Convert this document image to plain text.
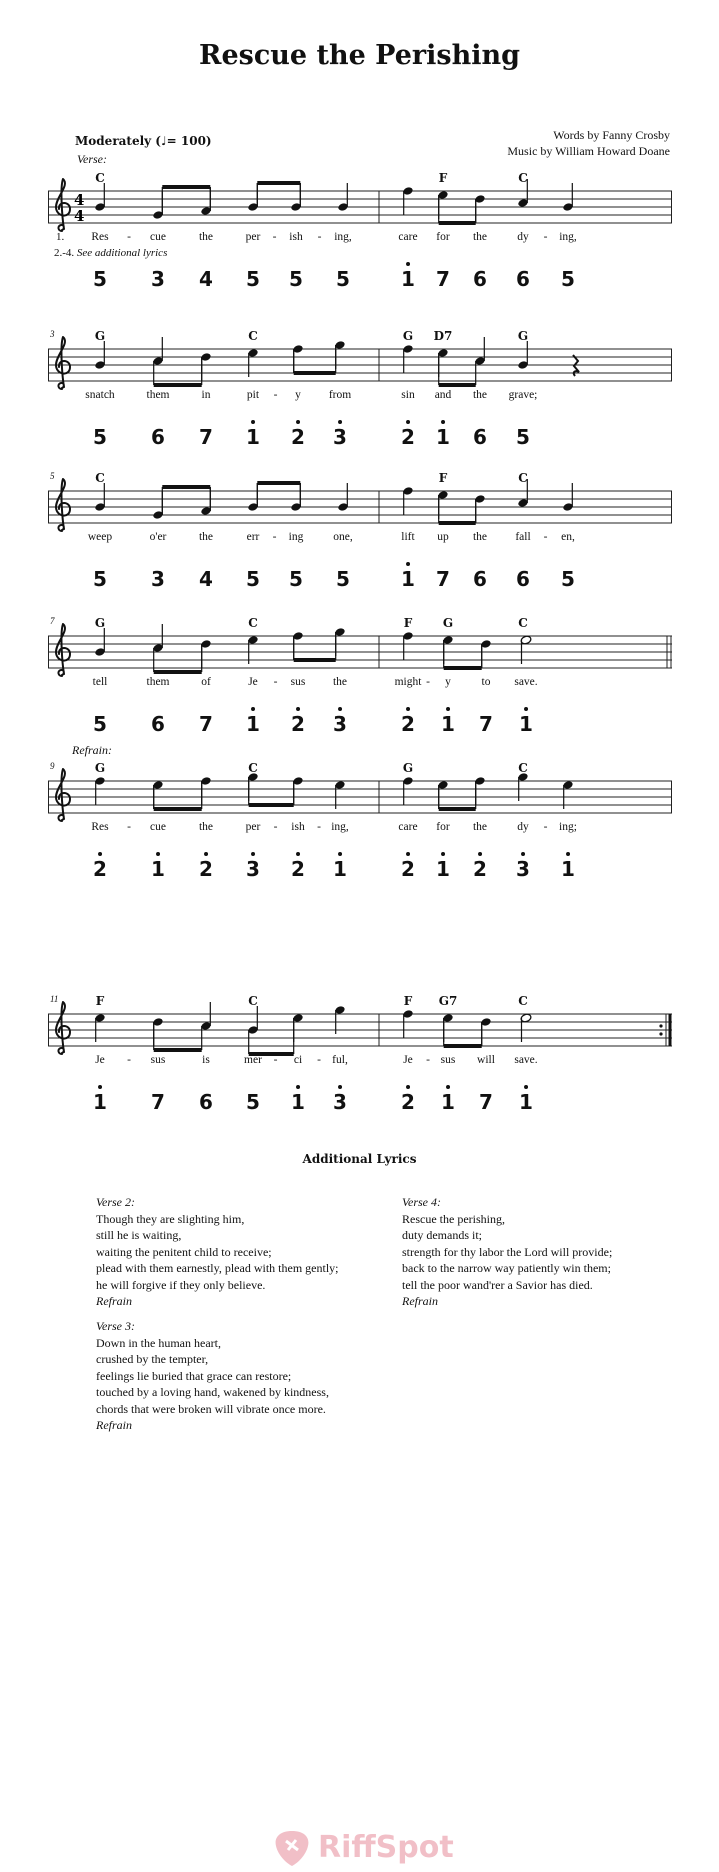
Rescue the Perishing
Moderately (♩= 100)	Words by Fanny Crosby
Music by William Howard Doane
Verse:
Refrain:
4
4
C	F	C
Res - cue	the	per - ish - ing,	care for the	dy - ing,
1.
2.-4. See additional lyrics
5 3 4 5 5 5	1 7 6 6 5
3	G	C	G D7	G
snatch	them	in	pit - y from	sin and the grave;
5 6 7 1 2 3	2 1 6 5
5	C	F	C
weep	o'er	the	err - ing	one,	lift up the fall - en,
5 3 4 5 5 5	1 7 6 6 5
7	G	C	F	G	C
tell	them	of	Je - sus the	might - y	to save.
5 6 7 1 2 3	2 1 7 1
9	G	C	G	C
Res - cue	the	per - ish - ing,	care for the	dy - ing;
2 1 2 3 2 1	2 1 2 3 1
11	F	C	F G7	C
Je - sus	is	mer - ci - ful,	Je - sus will save.
1 7 6 5 1 3	2 1 7 1
Additional Lyrics
Verse 2:
Though they are slighting him,
still he is waiting,
waiting the penitent child to receive;
plead with them earnestly, plead with them gently;
he will forgive if they only believe.
Refrain
Verse 3:
Down in the human heart,
crushed by the tempter,
feelings lie buried that grace can restore;
touched by a loving hand, wakened by kindness,
chords that were broken will vibrate once more.
Refrain
Verse 4:
Rescue the perishing,
duty demands it;
strength for thy labor the Lord will provide;
back to the narrow way patiently win them;
tell the poor wand'rer a Savior has died.
Refrain
RiffSpot
